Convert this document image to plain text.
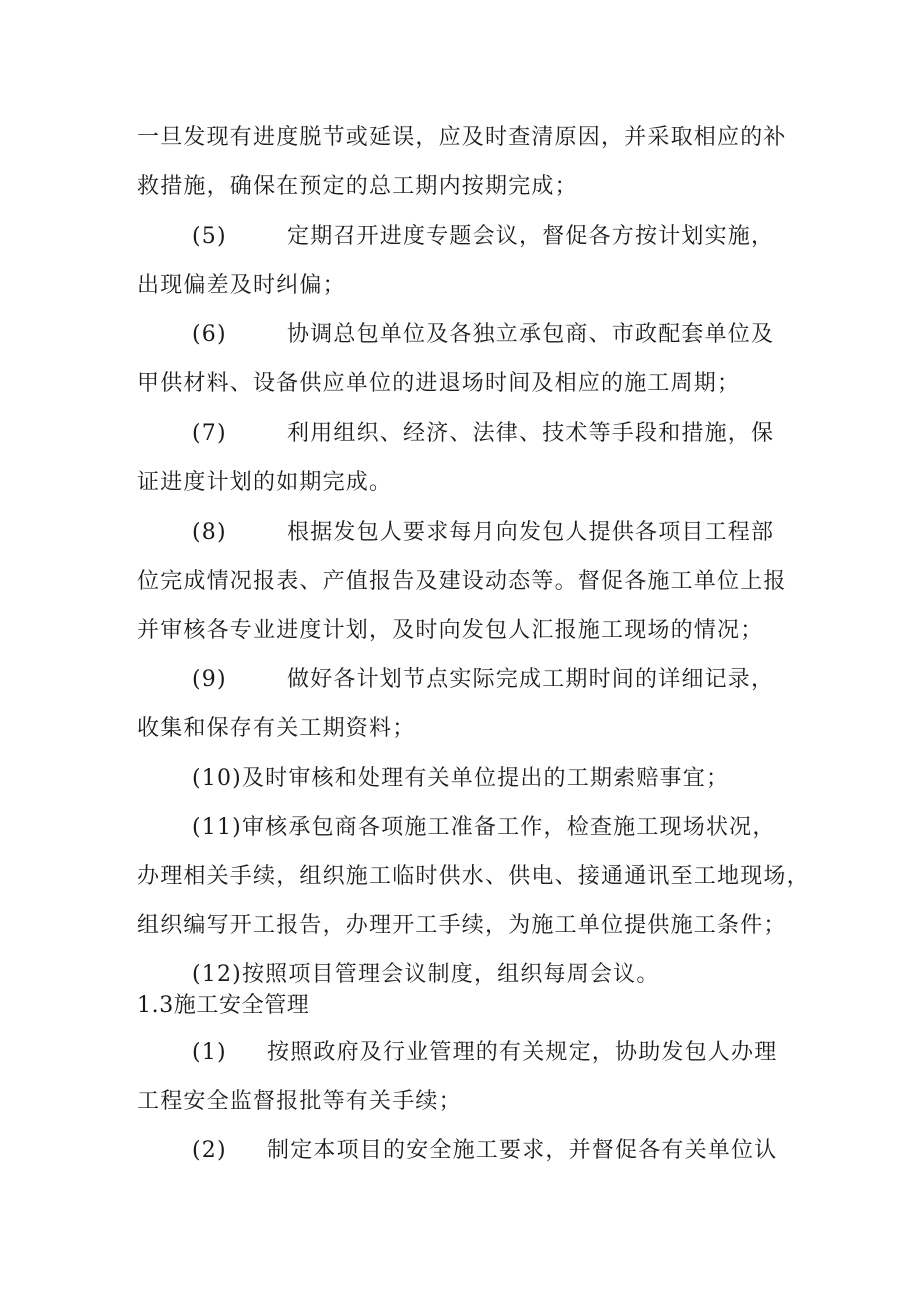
一旦发现有进度脱节或延误，应及时查清原因，并采取相应的补
救措施，确保在预定的总工期内按期完成；
(5)	定期召开进度专题会议，督促各方按计划实施，
出现偏差及时纠偏；
(6)	协调总包单位及各独立承包商、市政配套单位及
甲供材料、设备供应单位的进退场时间及相应的施工周期；
(7)	利用组织、经济、法律、技术等手段和措施，保
证进度计划的如期完成。
(8)	根据发包人要求每月向发包人提供各项目工程部
位完成情况报表、产值报告及建设动态等。督促各施工单位上报
并审核各专业进度计划，及时向发包人汇报施工现场的情况；
(9)	做好各计划节点实际完成工期时间的详细记录，
收集和保存有关工期资料；
(10)及时审核和处理有关单位提出的工期索赔事宜；
(11)审核承包商各项施工准备工作，检查施工现场状况，
办理相关手续，组织施工临时供水、供电、接通通讯至工地现场，
组织编写开工报告，办理开工手续，为施工单位提供施工条件；
(12)按照项目管理会议制度，组织每周会议。
1.3施工安全管理
(1) 按照政府及行业管理的有关规定，协助发包人办理
工程安全监督报批等有关手续；
(2) 制定本项目的安全施工要求，并督促各有关单位认
